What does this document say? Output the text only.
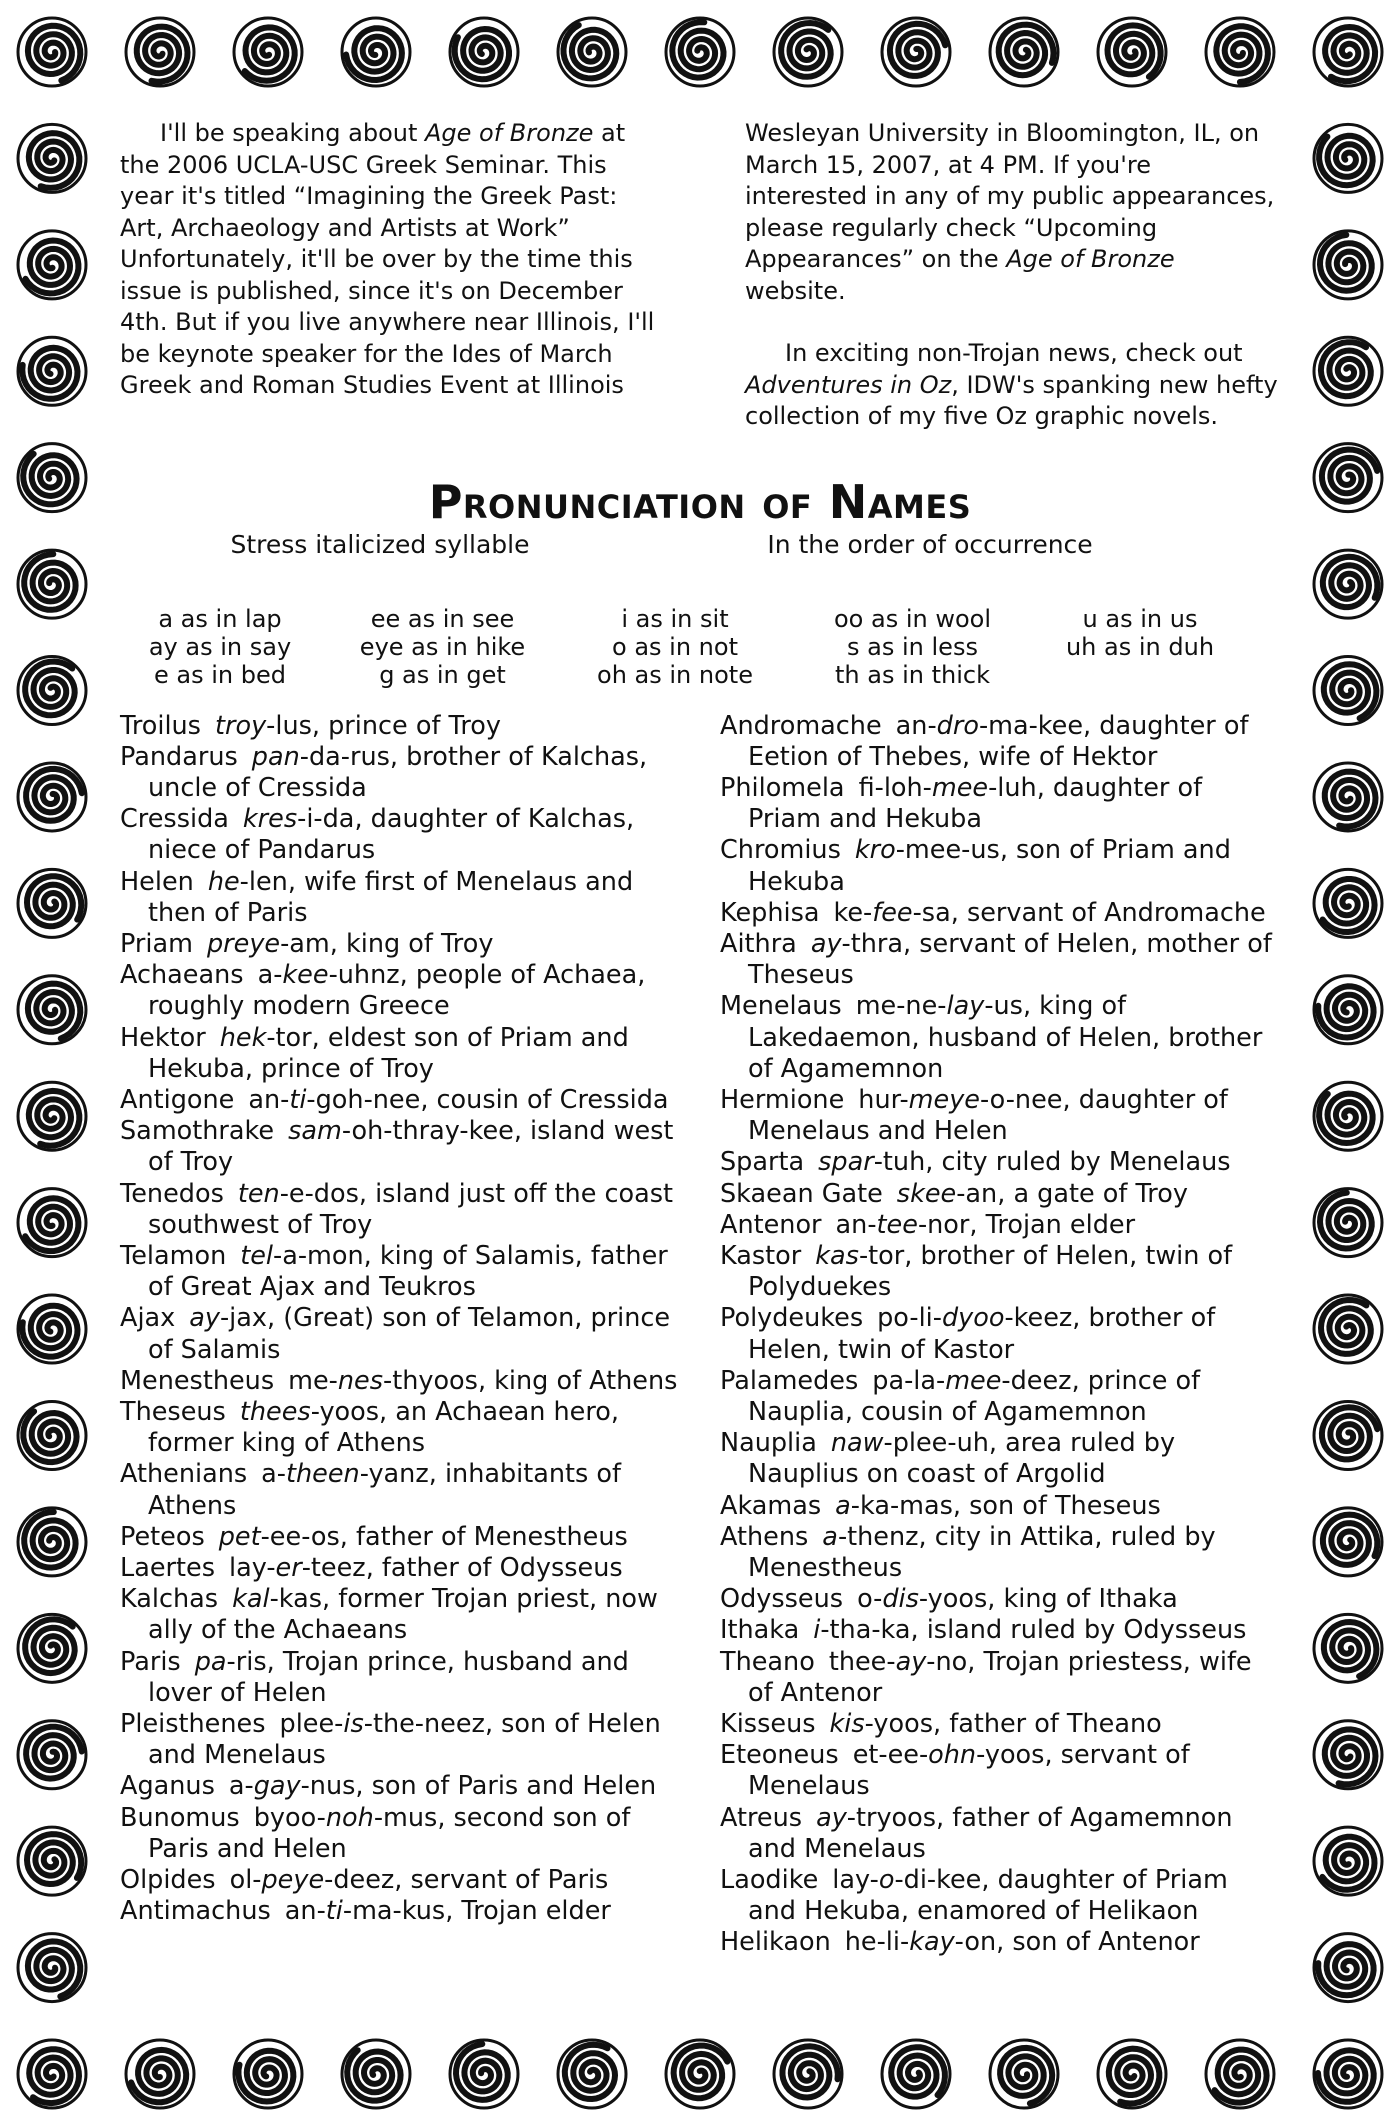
I'll be speaking about Age of Bronze at the 2006 UCLA-USC Greek Seminar. This year it's titled “Imagining the Greek Past: Art, Archaeology and Artists at Work” Unfortunately, it'll be over by the time this issue is published, since it's on December 4th. But if you live anywhere near Illinois, I'll be keynote speaker for the Ides of March Greek and Roman Studies Event at Illinois

Wesleyan University in Bloomington, IL, on March 15, 2007, at 4 PM. If you're interested in any of my public appearances, please regularly check “Upcoming Appearances” on the Age of Bronze website.

In exciting non-Trojan news, check out Adventures in Oz, IDW's spanking new hefty collection of my five Oz graphic novels.

Pronunciation of Names
Stress italicized syllable	In the order of occurrence
a as in lap
ay as in say
e as in bed
ee as in see
eye as in hike
g as in get
i as in sit
o as in not
oh as in note
oo as in wool
s as in less
th as in thick
u as in us
uh as in duh
Troilus troy-lus, prince of Troy
Pandarus pan-da-rus, brother of Kalchas, uncle of Cressida
Cressida kres-i-da, daughter of Kalchas, niece of Pandarus
Helen he-len, wife first of Menelaus and then of Paris
Priam preye-am, king of Troy
Achaeans a-kee-uhnz, people of Achaea, roughly modern Greece
Hektor hek-tor, eldest son of Priam and Hekuba, prince of Troy
Antigone an-ti-goh-nee, cousin of Cressida
Samothrake sam-oh-thray-kee, island west of Troy
Tenedos ten-e-dos, island just off the coast southwest of Troy
Telamon tel-a-mon, king of Salamis, father of Great Ajax and Teukros
Ajax ay-jax, (Great) son of Telamon, prince of Salamis
Menestheus me-nes-thyoos, king of Athens
Theseus thees-yoos, an Achaean hero, former king of Athens
Athenians a-theen-yanz, inhabitants of Athens
Peteos pet-ee-os, father of Menestheus
Laertes lay-er-teez, father of Odysseus
Kalchas kal-kas, former Trojan priest, now ally of the Achaeans
Paris pa-ris, Trojan prince, husband and lover of Helen
Pleisthenes plee-is-the-neez, son of Helen and Menelaus
Aganus a-gay-nus, son of Paris and Helen
Bunomus byoo-noh-mus, second son of Paris and Helen
Olpides ol-peye-deez, servant of Paris
Antimachus an-ti-ma-kus, Trojan elder
Andromache an-dro-ma-kee, daughter of Eetion of Thebes, wife of Hektor
Philomela fi-loh-mee-luh, daughter of Priam and Hekuba
Chromius kro-mee-us, son of Priam and Hekuba
Kephisa ke-fee-sa, servant of Andromache
Aithra ay-thra, servant of Helen, mother of Theseus
Menelaus me-ne-lay-us, king of Lakedaemon, husband of Helen, brother of Agamemnon
Hermione hur-meye-o-nee, daughter of Menelaus and Helen
Sparta spar-tuh, city ruled by Menelaus
Skaean Gate skee-an, a gate of Troy
Antenor an-tee-nor, Trojan elder
Kastor kas-tor, brother of Helen, twin of Polyduekes
Polydeukes po-li-dyoo-keez, brother of Helen, twin of Kastor
Palamedes pa-la-mee-deez, prince of Nauplia, cousin of Agamemnon
Nauplia naw-plee-uh, area ruled by Nauplius on coast of Argolid
Akamas a-ka-mas, son of Theseus
Athens a-thenz, city in Attika, ruled by Menestheus
Odysseus o-dis-yoos, king of Ithaka
Ithaka i-tha-ka, island ruled by Odysseus
Theano thee-ay-no, Trojan priestess, wife of Antenor
Kisseus kis-yoos, father of Theano
Eteoneus et-ee-ohn-yoos, servant of Menelaus
Atreus ay-tryoos, father of Agamemnon and Menelaus
Laodike lay-o-di-kee, daughter of Priam and Hekuba, enamored of Helikaon
Helikaon he-li-kay-on, son of Antenor
